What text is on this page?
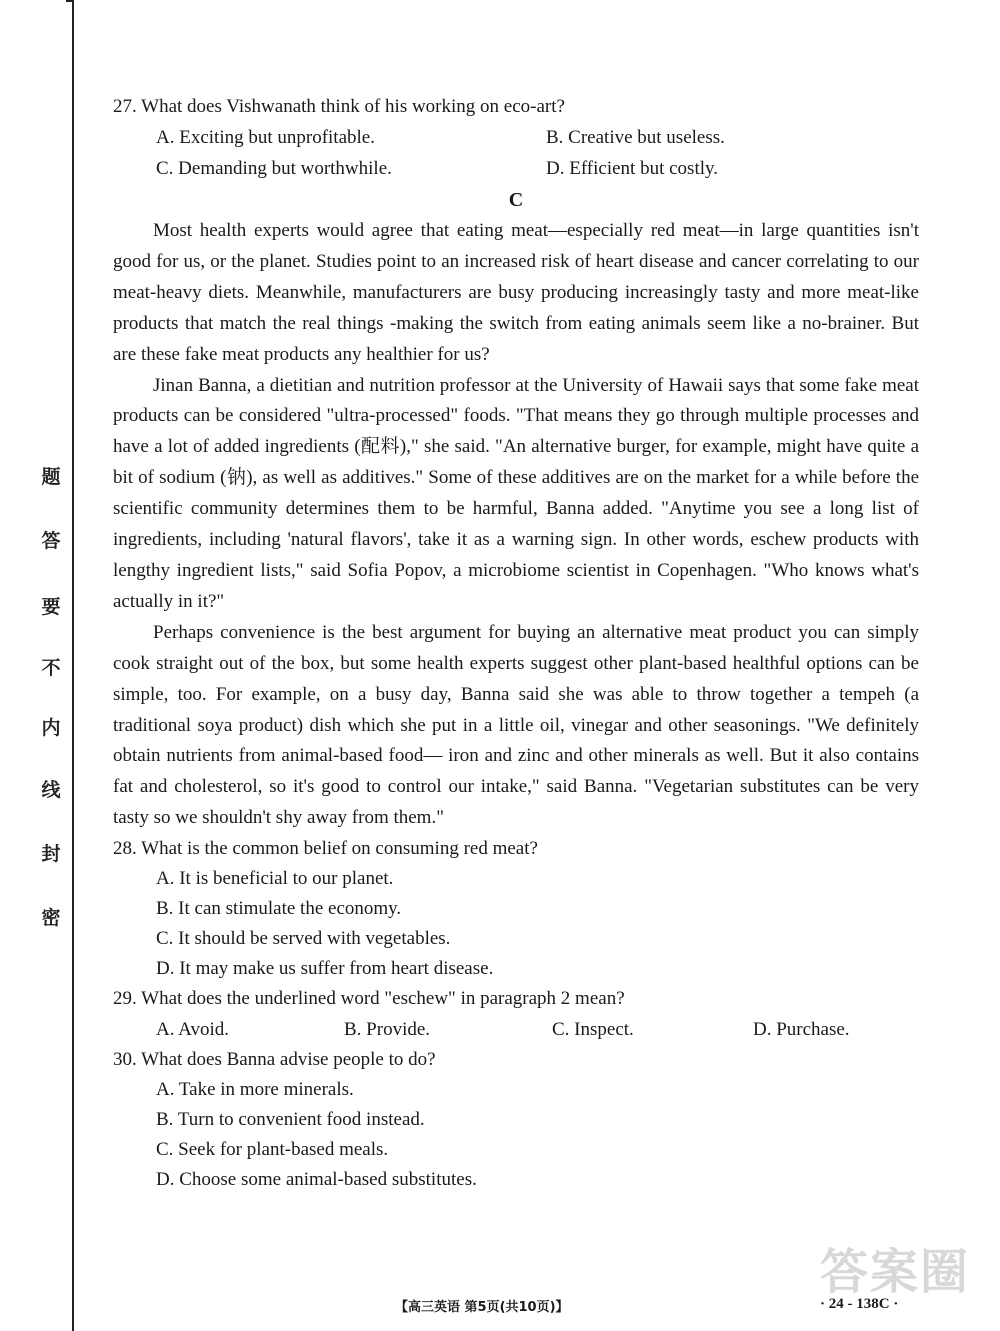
题
答
要
不
内
线
封
密

27. What does Vishwanath think of his working on eco-art?

A. Exciting but unprofitable.	B. Creative but useless.
C. Demanding but worthwhile.	D. Efficient but costly.

C

Most health experts would agree that eating meat—especially red meat—in large quantities isn't good for us, or the planet. Studies point to an increased risk of heart disease and cancer correlating to our meat-heavy diets. Meanwhile, manufacturers are busy producing increasingly tasty and more meat-like products that match the real things -making the switch from eating animals seem like a no-brainer. But are these fake meat products any healthier for us?

Jinan Banna, a dietitian and nutrition professor at the University of Hawaii says that some fake meat products can be considered "ultra-processed" foods. "That means they go through multiple processes and have a lot of added ingredients (配料)," she said. "An alternative burger, for example, might have quite a bit of sodium (钠), as well as additives." Some of these additives are on the market for a while before the scientific community determines them to be harmful, Banna added. "Anytime you see a long list of ingredients, including 'natural flavors', take it as a warning sign. In other words, eschew products with lengthy ingredient lists," said Sofia Popov, a microbiome scientist in Copenhagen. "Who knows what's actually in it?"

Perhaps convenience is the best argument for buying an alternative meat product you can simply cook straight out of the box, but some health experts suggest other plant-based healthful options can be simple, too. For example, on a busy day, Banna said she was able to throw together a tempeh (a traditional soya product) dish which she put in a little oil, vinegar and other seasonings. "We definitely obtain nutrients from animal-based food— iron and zinc and other minerals as well. But it also contains fat and cholesterol, so it's good to control our intake," said Banna. "Vegetarian substitutes can be very tasty so we shouldn't shy away from them."

28. What is the common belief on consuming red meat?

A. It is beneficial to our planet.

B. It can stimulate the economy.

C. It should be served with vegetables.

D. It may make us suffer from heart disease.

29. What does the underlined word "eschew" in paragraph 2 mean?

A. Avoid.	B. Provide.	C. Inspect.	D. Purchase.

30. What does Banna advise people to do?

A. Take in more minerals.

B. Turn to convenient food instead.

C. Seek for plant-based meals.

D. Choose some animal-based substitutes.

答案圈
【高三英语 第5页(共10页)】	· 24 - 138C ·
